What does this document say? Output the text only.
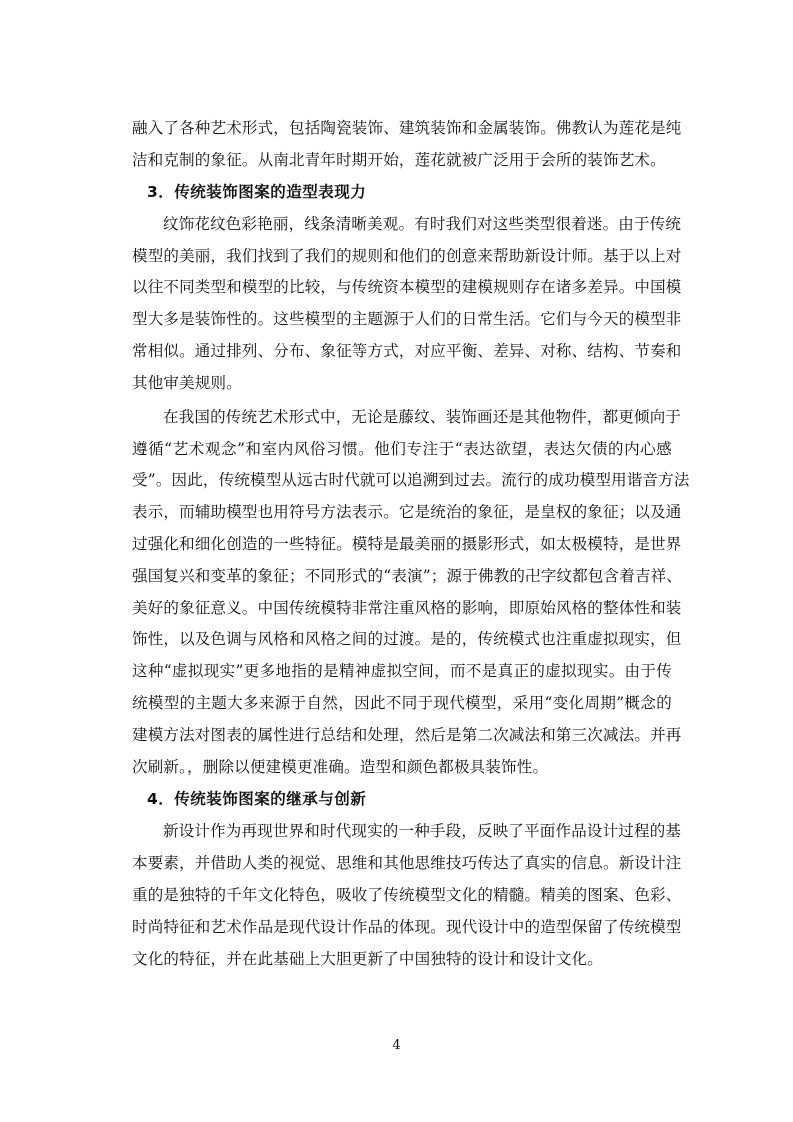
融入了各种艺术形式，包括陶瓷装饰、建筑装饰和金属装饰。佛教认为莲花是纯
洁和克制的象征。从南北青年时期开始，莲花就被广泛用于会所的装饰艺术。
3．传统装饰图案的造型表现力
纹饰花纹色彩艳丽，线条清晰美观。有时我们对这些类型很着迷。由于传统
模型的美丽，我们找到了我们的规则和他们的创意来帮助新设计师。基于以上对
以往不同类型和模型的比较，与传统资本模型的建模规则存在诸多差异。中国模
型大多是装饰性的。这些模型的主题源于人们的日常生活。它们与今天的模型非
常相似。通过排列、分布、象征等方式，对应平衡、差异、对称、结构、节奏和
其他审美规则。
在我国的传统艺术形式中，无论是藤纹、装饰画还是其他物件，都更倾向于
遵循“艺术观念”和室内风俗习惯。他们专注于“表达欲望，表达欠债的内心感
受”。因此，传统模型从远古时代就可以追溯到过去。流行的成功模型用谐音方法
表示，而辅助模型也用符号方法表示。它是统治的象征，是皇权的象征；以及通
过强化和细化创造的一些特征。模特是最美丽的摄影形式，如太极模特，是世界
强国复兴和变革的象征；不同形式的“表演”；源于佛教的卍字纹都包含着吉祥、
美好的象征意义。中国传统模特非常注重风格的影响，即原始风格的整体性和装
饰性，以及色调与风格和风格之间的过渡。是的，传统模式也注重虚拟现实，但
这种“虚拟现实”更多地指的是精神虚拟空间，而不是真正的虚拟现实。由于传
统模型的主题大多来源于自然，因此不同于现代模型，采用“变化周期”概念的
建模方法对图表的属性进行总结和处理，然后是第二次减法和第三次减法。并再
次刷新。，删除以便建模更准确。造型和颜色都极具装饰性。
4．传统装饰图案的继承与创新
新设计作为再现世界和时代现实的一种手段，反映了平面作品设计过程的基
本要素，并借助人类的视觉、思维和其他思维技巧传达了真实的信息。新设计注
重的是独特的千年文化特色，吸收了传统模型文化的精髓。精美的图案、色彩、
时尚特征和艺术作品是现代设计作品的体现。现代设计中的造型保留了传统模型
文化的特征，并在此基础上大胆更新了中国独特的设计和设计文化。
4
